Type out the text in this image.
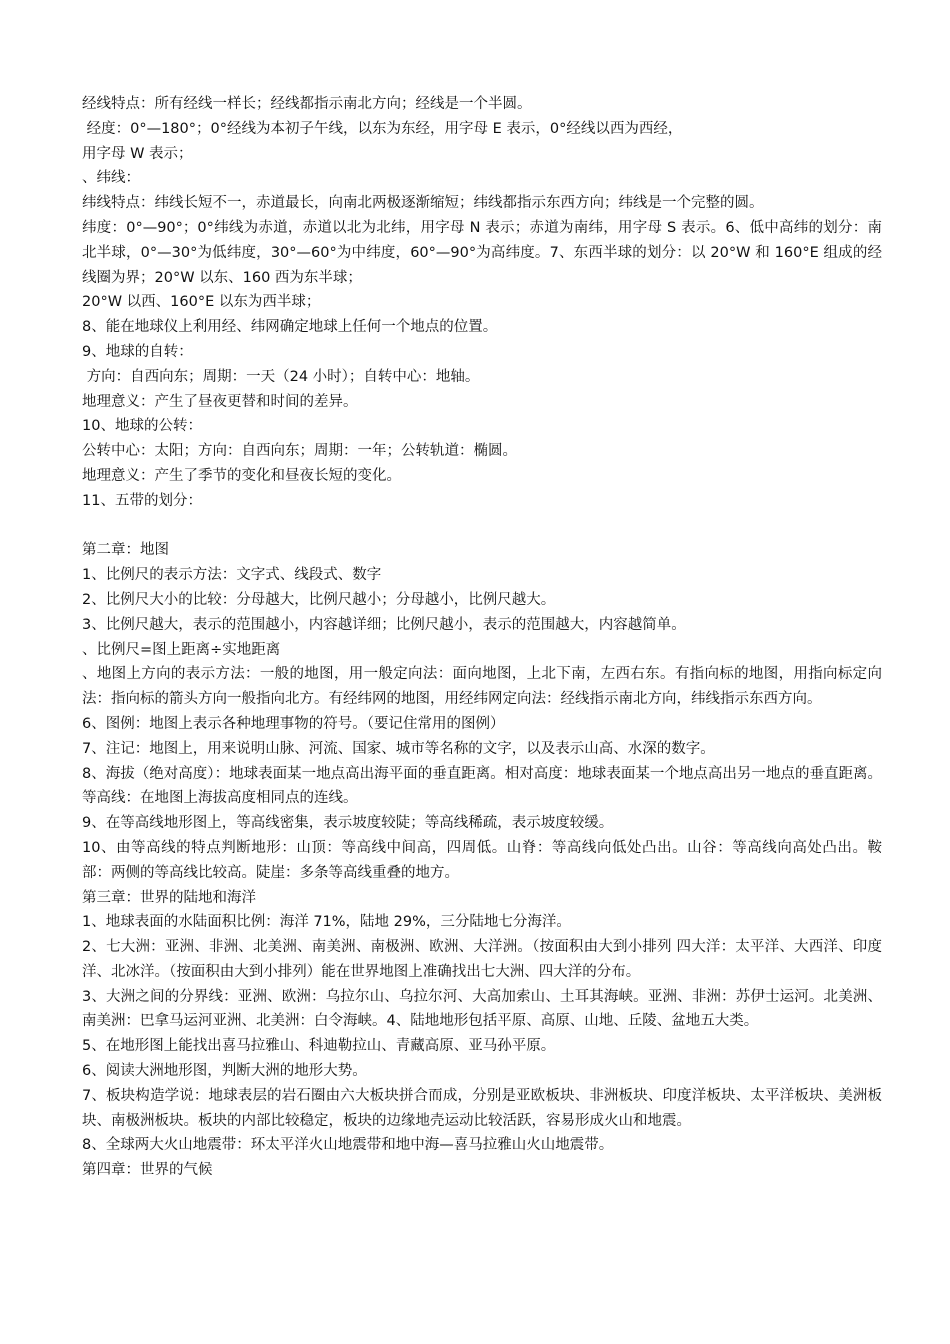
经线特点：所有经线一样长；经线都指示南北方向；经线是一个半圆。

经度：0°—180°；0°经线为本初子午线，以东为东经，用字母 E 表示，0°经线以西为西经，

用字母 W 表示；

、纬线：

纬线特点：纬线长短不一，赤道最长，向南北两极逐渐缩短；纬线都指示东西方向；纬线是一个完整的圆。

纬度：0°—90°；0°纬线为赤道，赤道以北为北纬，用字母 N 表示；赤道为南纬，用字母 S 表示。6、低中高纬的划分：南北半球，0°—30°为低纬度，30°—60°为中纬度，60°—90°为高纬度。7、东西半球的划分：以 20°W 和 160°E 组成的经线圈为界；20°W 以东、160 西为东半球；

20°W 以西、160°E 以东为西半球；

8、能在地球仪上利用经、纬网确定地球上任何一个地点的位置。

9、地球的自转：

方向：自西向东；周期：一天（24 小时）；自转中心：地轴。

地理意义：产生了昼夜更替和时间的差异。

10、地球的公转：

公转中心：太阳；方向：自西向东；周期：一年；公转轨道：椭圆。

地理意义：产生了季节的变化和昼夜长短的变化。

11、五带的划分：

第二章：地图

1、比例尺的表示方法：文字式、线段式、数字

2、比例尺大小的比较：分母越大，比例尺越小；分母越小，比例尺越大。

3、比例尺越大，表示的范围越小，内容越详细；比例尺越小，表示的范围越大，内容越简单。

、比例尺=图上距离÷实地距离

、地图上方向的表示方法：一般的地图，用一般定向法：面向地图，上北下南，左西右东。有指向标的地图，用指向标定向法：指向标的箭头方向一般指向北方。有经纬网的地图，用经纬网定向法：经线指示南北方向，纬线指示东西方向。

6、图例：地图上表示各种地理事物的符号。（要记住常用的图例）

7、注记：地图上，用来说明山脉、河流、国家、城市等名称的文字，以及表示山高、水深的数字。

8、海拔（绝对高度）：地球表面某一地点高出海平面的垂直距离。相对高度：地球表面某一个地点高出另一地点的垂直距离。等高线：在地图上海拔高度相同点的连线。

9、在等高线地形图上，等高线密集，表示坡度较陡；等高线稀疏，表示坡度较缓。

10、由等高线的特点判断地形：山顶：等高线中间高，四周低。山脊：等高线向低处凸出。山谷：等高线向高处凸出。鞍部：两侧的等高线比较高。陡崖：多条等高线重叠的地方。

第三章：世界的陆地和海洋

1、地球表面的水陆面积比例：海洋 71%，陆地 29%，三分陆地七分海洋。

2、七大洲：亚洲、非洲、北美洲、南美洲、南极洲、欧洲、大洋洲。（按面积由大到小排列 四大洋：太平洋、大西洋、印度洋、北冰洋。（按面积由大到小排列）能在世界地图上准确找出七大洲、四大洋的分布。

3、大洲之间的分界线：亚洲、欧洲：乌拉尔山、乌拉尔河、大高加索山、土耳其海峡。亚洲、非洲：苏伊士运河。北美洲、南美洲：巴拿马运河亚洲、北美洲：白令海峡。4、陆地地形包括平原、高原、山地、丘陵、盆地五大类。

5、在地形图上能找出喜马拉雅山、科迪勒拉山、青藏高原、亚马孙平原。

6、阅读大洲地形图，判断大洲的地形大势。

7、板块构造学说：地球表层的岩石圈由六大板块拼合而成，分别是亚欧板块、非洲板块、印度洋板块、太平洋板块、美洲板块、南极洲板块。板块的内部比较稳定，板块的边缘地壳运动比较活跃，容易形成火山和地震。

8、全球两大火山地震带：环太平洋火山地震带和地中海—喜马拉雅山火山地震带。

第四章：世界的气候
